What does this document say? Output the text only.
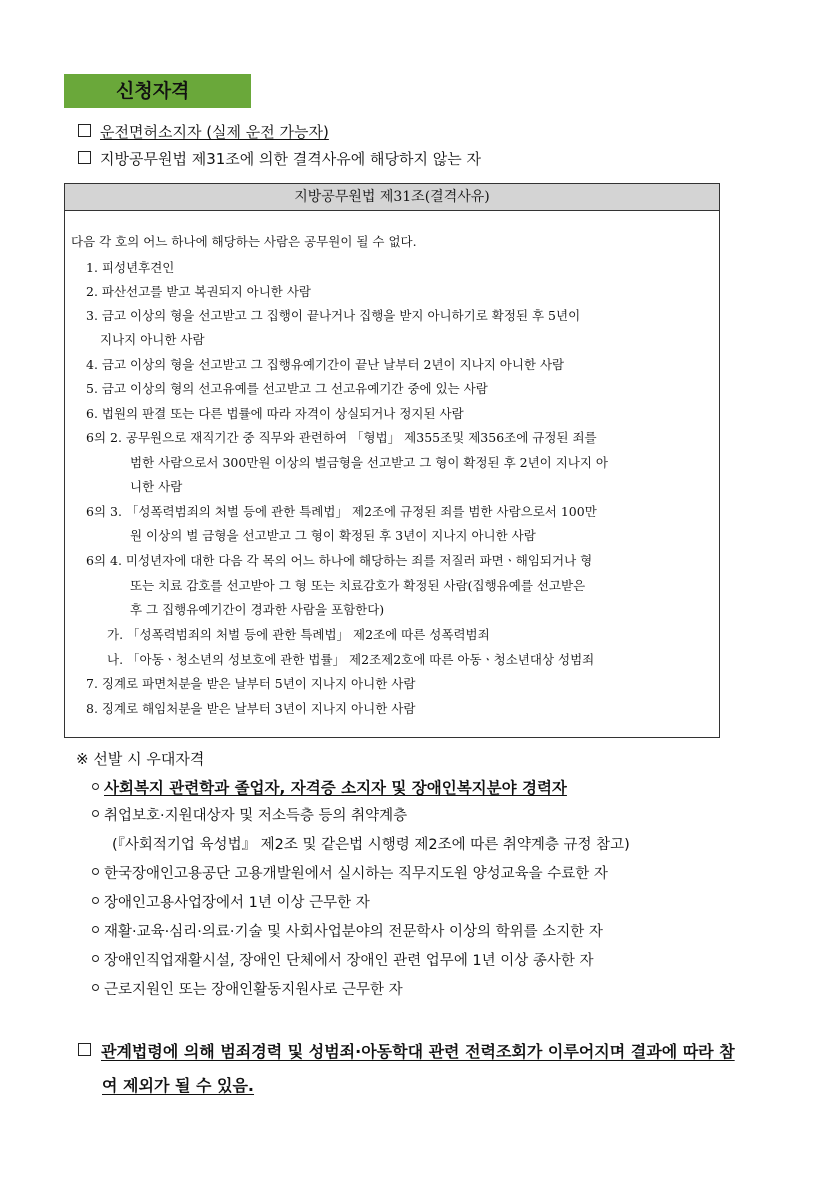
신청자격
운전면허소지자 (실제 운전 가능자)
지방공무원법 제31조에 의한 결격사유에 해당하지 않는 자
지방공무원법 제31조(결격사유)
다음 각 호의 어느 하나에 해당하는 사람은 공무원이 될 수 없다.
1. 피성년후견인
2. 파산선고를 받고 복권되지 아니한 사람
3. 금고 이상의 형을 선고받고 그 집행이 끝나거나 집행을 받지 아니하기로 확정된 후 5년이
지나지 아니한 사람
4. 금고 이상의 형을 선고받고 그 집행유예기간이 끝난 날부터 2년이 지나지 아니한 사람
5. 금고 이상의 형의 선고유예를 선고받고 그 선고유예기간 중에 있는 사람
6. 법원의 판결 또는 다른 법률에 따라 자격이 상실되거나 정지된 사람
6의 2. 공무원으로 재직기간 중 직무와 관련하여 「형법」 제355조및 제356조에 규정된 죄를
범한 사람으로서 300만원 이상의 벌금형을 선고받고 그 형이 확정된 후 2년이 지나지 아
니한 사람
6의 3. 「성폭력범죄의 처벌 등에 관한 특례법」 제2조에 규정된 죄를 범한 사람으로서 100만
원 이상의 벌 금형을 선고받고 그 형이 확정된 후 3년이 지나지 아니한 사람
6의 4. 미성년자에 대한 다음 각 목의 어느 하나에 해당하는 죄를 저질러 파면ㆍ해임되거나 형
또는 치료 감호를 선고받아 그 형 또는 치료감호가 확정된 사람(집행유예를 선고받은
후 그 집행유예기간이 경과한 사람을 포함한다)
가. 「성폭력범죄의 처벌 등에 관한 특례법」 제2조에 따른 성폭력범죄
나. 「아동ㆍ청소년의 성보호에 관한 법률」 제2조제2호에 따른 아동ㆍ청소년대상 성범죄
7. 징계로 파면처분을 받은 날부터 5년이 지나지 아니한 사람
8. 징계로 해임처분을 받은 날부터 3년이 지나지 아니한 사람
※ 선발 시 우대자격
사회복지 관련학과 졸업자, 자격증 소지자 및 장애인복지분야 경력자
취업보호·지원대상자 및 저소득층 등의 취약계층
(『사회적기업 육성법』 제2조 및 같은법 시행령 제2조에 따른 취약계층 규정 참고)
한국장애인고용공단 고용개발원에서 실시하는 직무지도원 양성교육을 수료한 자
장애인고용사업장에서 1년 이상 근무한 자
재활·교육·심리·의료·기술 및 사회사업분야의 전문학사 이상의 학위를 소지한 자
장애인직업재활시설, 장애인 단체에서 장애인 관련 업무에 1년 이상 종사한 자
근로지원인 또는 장애인활동지원사로 근무한 자
관계법령에 의해 범죄경력 및 성범죄·아동학대 관련 전력조회가 이루어지며 결과에 따라 참
여 제외가 될 수 있음.
